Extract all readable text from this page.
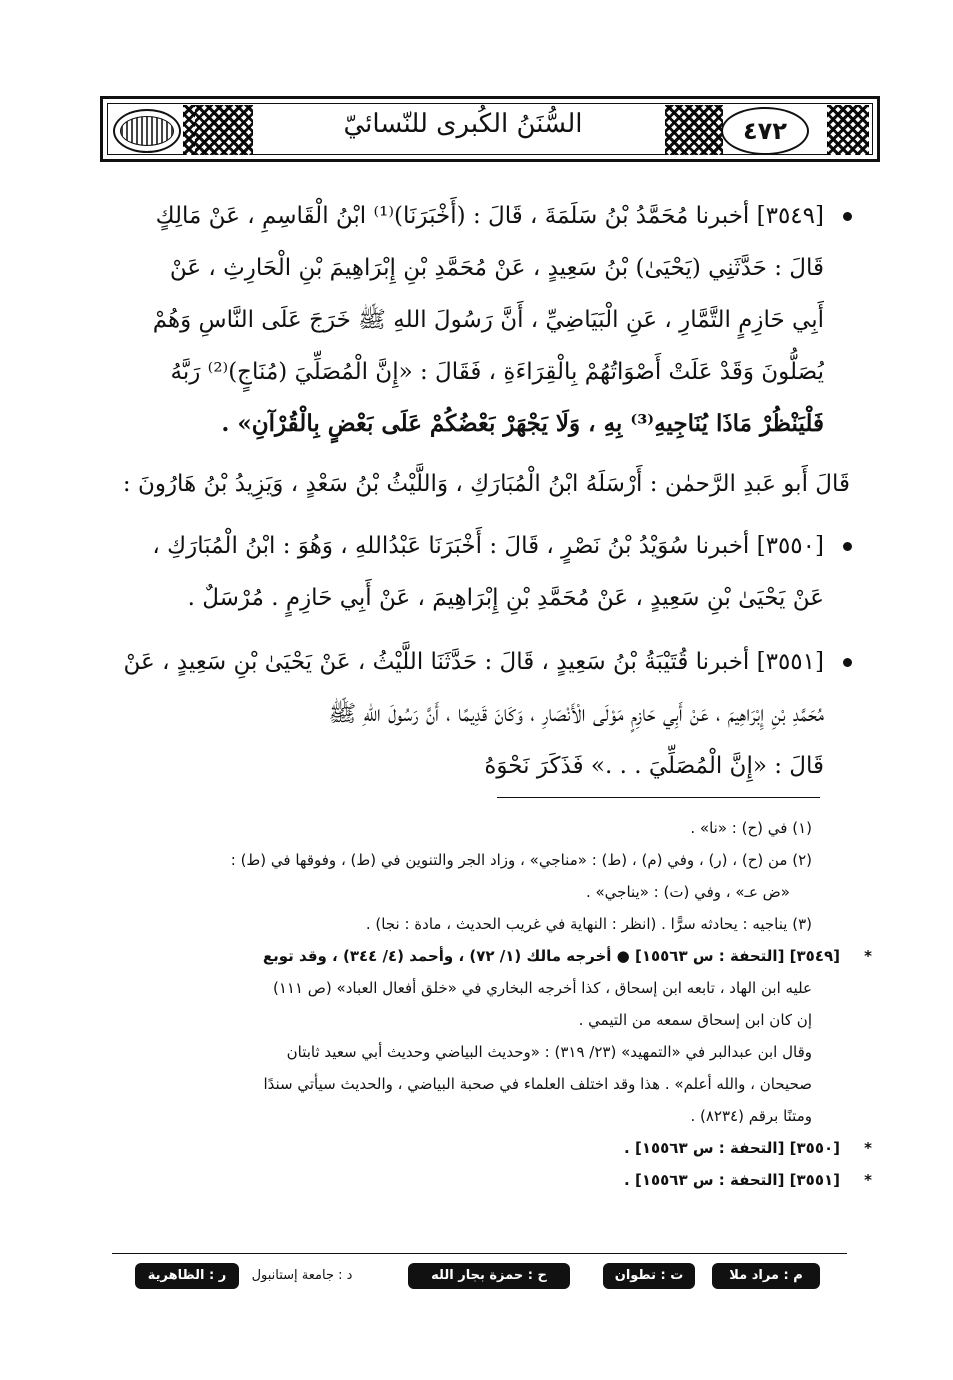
السُّنَنُ الكُبرى للنّسائيّ	٤٧٢
[٣٥٤٩] أخبرنا مُحَمَّدُ بْنُ سَلَمَةَ ، قَالَ : (أَخْبَرَنَا)⁽¹⁾ ابْنُ الْقَاسِمِ ، عَنْ مَالِكٍ
قَالَ : حَدَّثَنِي (يَحْيَىٰ) بْنُ سَعِيدٍ ، عَنْ مُحَمَّدِ بْنِ إِبْرَاهِيمَ بْنِ الْحَارِثِ ، عَنْ
أَبِي حَازِمٍ التَّمَّارِ ، عَنِ الْبَيَاضِيِّ ، أَنَّ رَسُولَ اللهِ ﷺ خَرَجَ عَلَى النَّاسِ وَهُمْ
يُصَلُّونَ وَقَدْ عَلَتْ أَصْوَاتُهُمْ بِالْقِرَاءَةِ ، فَقَالَ : «إِنَّ الْمُصَلِّيَ (مُنَاجٍ)⁽²⁾ رَبَّهُ
فَلْيَنْظُرْ مَاذَا يُنَاجِيهِ⁽³⁾ بِهِ ، وَلَا يَجْهَرْ بَعْضُكُمْ عَلَى بَعْضٍ بِالْقُرْآنِ» .
قَالَ أَبو عَبدِ الرَّحمٰن : أَرْسَلَهُ ابْنُ الْمُبَارَكِ ، وَاللَّيْثُ بْنُ سَعْدٍ ، وَيَزِيدُ بْنُ هَارُونَ :
[٣٥٥٠] أخبرنا سُوَيْدُ بْنُ نَصْرٍ ، قَالَ : أَخْبَرَنَا عَبْدُاللهِ ، وَهُوَ : ابْنُ الْمُبَارَكِ ،
عَنْ يَحْيَىٰ بْنِ سَعِيدٍ ، عَنْ مُحَمَّدِ بْنِ إِبْرَاهِيمَ ، عَنْ أَبِي حَازِمٍ . مُرْسَلٌ .
[٣٥٥١] أخبرنا قُتَيْبَةُ بْنُ سَعِيدٍ ، قَالَ : حَدَّثَنَا اللَّيْثُ ، عَنْ يَحْيَىٰ بْنِ سَعِيدٍ ، عَنْ
مُحَمَّدِ بْنِ إِبْرَاهِيمَ ، عَنْ أَبِي حَازِمٍ مَوْلَى الْأَنْصَارِ ، وَكَانَ قَدِيمًا ، أَنَّ رَسُولَ اللهِ ﷺ
قَالَ : «إِنَّ الْمُصَلِّيَ . . .» فَذَكَرَ نَحْوَهُ
(١) في (ح) : «نا» .
(٢) من (ح) ، (ر) ، وفي (م) ، (ط) : «مناجي» ، وزاد الجر والتنوين في (ط) ، وفوقها في (ط) :
«ض عـ» ، وفي (ت) : «يناجي» .
(٣) يناجيه : يحادثه سرًّا . (انظر : النهاية في غريب الحديث ، مادة : نجا) .
*
[٣٥٤٩] [التحفة : س ١٥٥٦٣] ● أخرجه مالك (١/ ٧٢) ، وأحمد (٤/ ٣٤٤) ، وقد توبع
عليه ابن الهاد ، تابعه ابن إسحاق ، كذا أخرجه البخاري في «خلق أفعال العباد» (ص ١١١)
إن كان ابن إسحاق سمعه من التيمي .
وقال ابن عبدالبر في «التمهيد» (٢٣/ ٣١٩) : «وحديث البياضي وحديث أبي سعيد ثابتان
صحيحان ، والله أعلم» . هذا وقد اختلف العلماء في صحبة البياضي ، والحديث سيأتي سندًا
ومتنًا برقم (٨٢٣٤) .
*
[٣٥٥٠] [التحفة : س ١٥٥٦٣] .
*
[٣٥٥١] [التحفة : س ١٥٥٦٣] .
م : مراد ملا
ت : تطوان
ح : حمزة بجار الله
د : جامعة إستانبول
ر : الظاهرية
